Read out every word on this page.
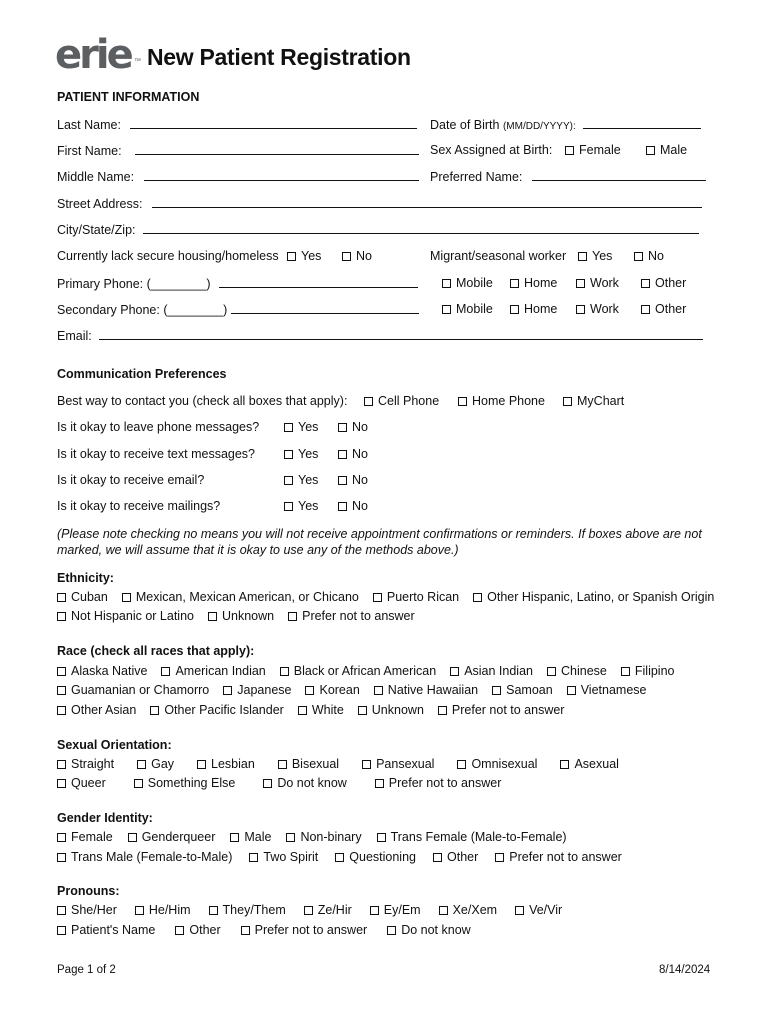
erie ™ New Patient Registration
PATIENT INFORMATION
Last Name:	Date of Birth (MM/DD/YYYY):
First Name:	Sex Assigned at Birth: Female	Male
Middle Name:	Preferred Name:
Street Address:
City/State/Zip:
Currently lack secure housing/homeless Yes	No	Migrant/seasonal worker Yes	No
Primary Phone: (________)	Mobile Home	Work	Other
Secondary Phone: (________)	Mobile Home	Work	Other
Email:
Communication Preferences
Best way to contact you (check all boxes that apply): Cell Phone	Home Phone	MyChart
Is it okay to leave phone messages?	Yes	No
Is it okay to receive text messages?	Yes	No
Is it okay to receive email?	Yes	No
Is it okay to receive mailings?	Yes	No
(Please note checking no means you will not receive appointment confirmations or reminders. If boxes above are not marked, we will assume that it is okay to use any of the methods above.)
Ethnicity:
Cuban Mexican, Mexican American, or Chicano Puerto Rican Other Hispanic, Latino, or Spanish Origin
Not Hispanic or Latino Unknown Prefer not to answer
Race (check all races that apply):
Alaska Native American Indian Black or African American Asian Indian Chinese Filipino
Guamanian or Chamorro Japanese Korean Native Hawaiian Samoan Vietnamese
Other Asian Other Pacific Islander White Unknown Prefer not to answer
Sexual Orientation:
Straight	Gay	Lesbian	Bisexual	Pansexual	Omnisexual	Asexual
Queer	Something Else	Do not know	Prefer not to answer
Gender Identity:
Female Genderqueer Male Non-binary Trans Female (Male-to-Female)
Trans Male (Female-to-Male) Two Spirit Questioning Other Prefer not to answer
Pronouns:
She/Her	He/Him	They/Them	Ze/Hir	Ey/Em	Xe/Xem	Ve/Vir
Patient's Name	Other	Prefer not to answer	Do not know
Page 1 of 2	8/14/2024
